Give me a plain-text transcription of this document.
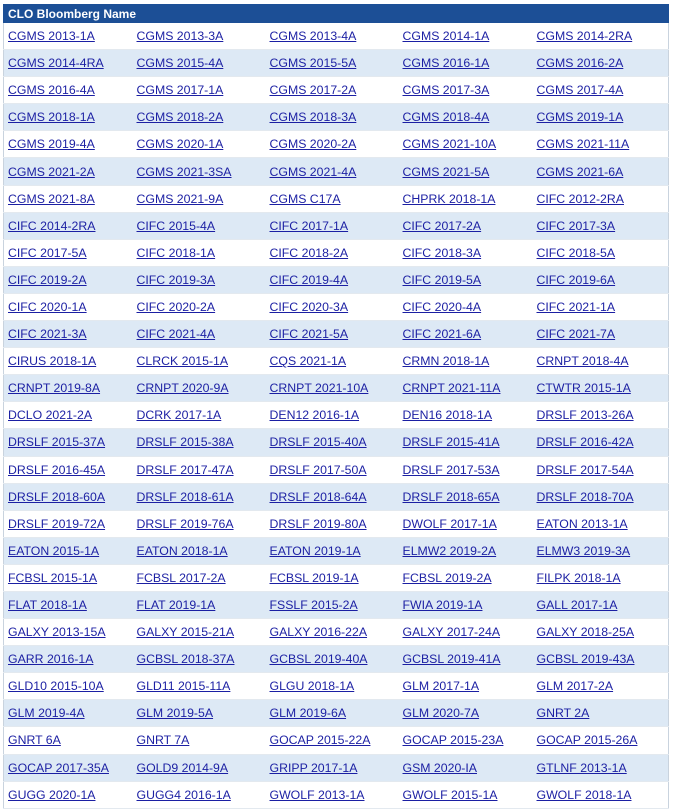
CLO Bloomberg Name				
CGMS 2013-1A	CGMS 2013-3A	CGMS 2013-4A	CGMS 2014-1A	CGMS 2014-2RA
CGMS 2014-4RA	CGMS 2015-4A	CGMS 2015-5A	CGMS 2016-1A	CGMS 2016-2A
CGMS 2016-4A	CGMS 2017-1A	CGMS 2017-2A	CGMS 2017-3A	CGMS 2017-4A
CGMS 2018-1A	CGMS 2018-2A	CGMS 2018-3A	CGMS 2018-4A	CGMS 2019-1A
CGMS 2019-4A	CGMS 2020-1A	CGMS 2020-2A	CGMS 2021-10A	CGMS 2021-11A
CGMS 2021-2A	CGMS 2021-3SA	CGMS 2021-4A	CGMS 2021-5A	CGMS 2021-6A
CGMS 2021-8A	CGMS 2021-9A	CGMS C17A	CHPRK 2018-1A	CIFC 2012-2RA
CIFC 2014-2RA	CIFC 2015-4A	CIFC 2017-1A	CIFC 2017-2A	CIFC 2017-3A
CIFC 2017-5A	CIFC 2018-1A	CIFC 2018-2A	CIFC 2018-3A	CIFC 2018-5A
CIFC 2019-2A	CIFC 2019-3A	CIFC 2019-4A	CIFC 2019-5A	CIFC 2019-6A
CIFC 2020-1A	CIFC 2020-2A	CIFC 2020-3A	CIFC 2020-4A	CIFC 2021-1A
CIFC 2021-3A	CIFC 2021-4A	CIFC 2021-5A	CIFC 2021-6A	CIFC 2021-7A
CIRUS 2018-1A	CLRCK 2015-1A	CQS 2021-1A	CRMN 2018-1A	CRNPT 2018-4A
CRNPT 2019-8A	CRNPT 2020-9A	CRNPT 2021-10A	CRNPT 2021-11A	CTWTR 2015-1A
DCLO 2021-2A	DCRK 2017-1A	DEN12 2016-1A	DEN16 2018-1A	DRSLF 2013-26A
DRSLF 2015-37A	DRSLF 2015-38A	DRSLF 2015-40A	DRSLF 2015-41A	DRSLF 2016-42A
DRSLF 2016-45A	DRSLF 2017-47A	DRSLF 2017-50A	DRSLF 2017-53A	DRSLF 2017-54A
DRSLF 2018-60A	DRSLF 2018-61A	DRSLF 2018-64A	DRSLF 2018-65A	DRSLF 2018-70A
DRSLF 2019-72A	DRSLF 2019-76A	DRSLF 2019-80A	DWOLF 2017-1A	EATON 2013-1A
EATON 2015-1A	EATON 2018-1A	EATON 2019-1A	ELMW2 2019-2A	ELMW3 2019-3A
FCBSL 2015-1A	FCBSL 2017-2A	FCBSL 2019-1A	FCBSL 2019-2A	FILPK 2018-1A
FLAT 2018-1A	FLAT 2019-1A	FSSLF 2015-2A	FWIA 2019-1A	GALL 2017-1A
GALXY 2013-15A	GALXY 2015-21A	GALXY 2016-22A	GALXY 2017-24A	GALXY 2018-25A
GARR 2016-1A	GCBSL 2018-37A	GCBSL 2019-40A	GCBSL 2019-41A	GCBSL 2019-43A
GLD10 2015-10A	GLD11 2015-11A	GLGU 2018-1A	GLM 2017-1A	GLM 2017-2A
GLM 2019-4A	GLM 2019-5A	GLM 2019-6A	GLM 2020-7A	GNRT 2A
GNRT 6A	GNRT 7A	GOCAP 2015-22A	GOCAP 2015-23A	GOCAP 2015-26A
GOCAP 2017-35A	GOLD9 2014-9A	GRIPP 2017-1A	GSM 2020-IA	GTLNF 2013-1A
GUGG 2020-1A	GUGG4 2016-1A	GWOLF 2013-1A	GWOLF 2015-1A	GWOLF 2018-1A
